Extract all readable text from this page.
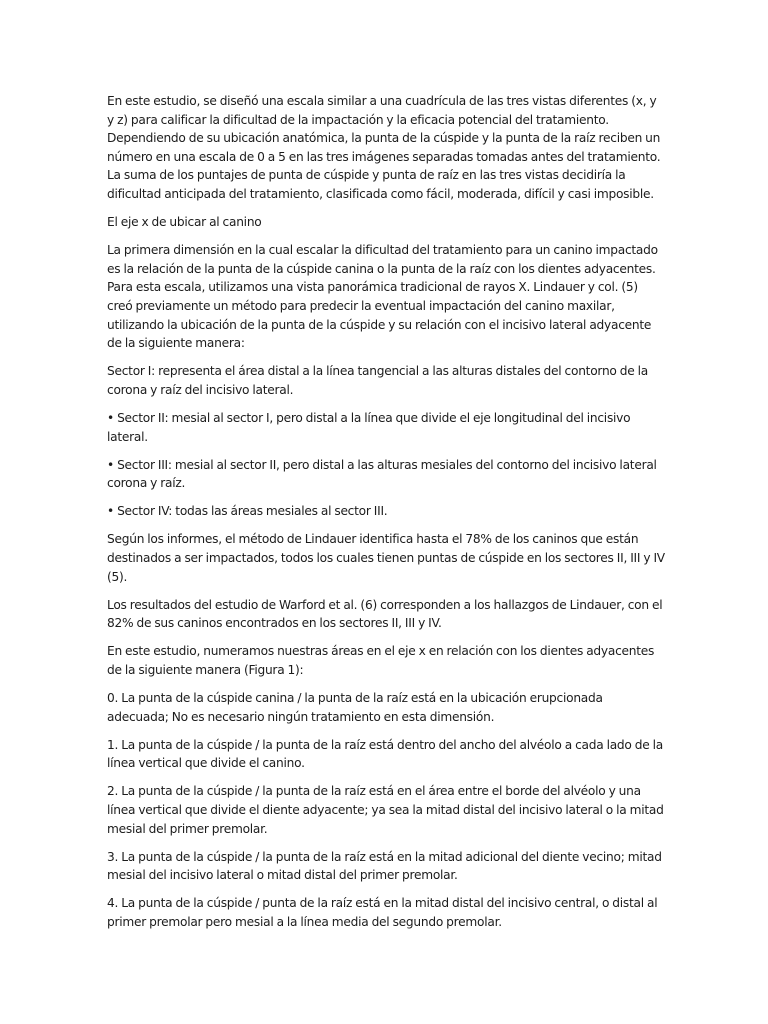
En este estudio, se diseñó una escala similar a una cuadrícula de las tres vistas diferentes (x, y y z) para calificar la dificultad de la impactación y la eficacia potencial del tratamiento. Dependiendo de su ubicación anatómica, la punta de la cúspide y la punta de la raíz reciben un número en una escala de 0 a 5 en las tres imágenes separadas tomadas antes del tratamiento. La suma de los puntajes de punta de cúspide y punta de raíz en las tres vistas decidiría la dificultad anticipada del tratamiento, clasificada como fácil, moderada, difícil y casi imposible.

El eje x de ubicar al canino

La primera dimensión en la cual escalar la dificultad del tratamiento para un canino impactado es la relación de la punta de la cúspide canina o la punta de la raíz con los dientes adyacentes. Para esta escala, utilizamos una vista panorámica tradicional de rayos X. Lindauer y col. (5) creó previamente un método para predecir la eventual impactación del canino maxilar, utilizando la ubicación de la punta de la cúspide y su relación con el incisivo lateral adyacente de la siguiente manera:

Sector I: representa el área distal a la línea tangencial a las alturas distales del contorno de la corona y raíz del incisivo lateral.

• Sector II: mesial al sector I, pero distal a la línea que divide el eje longitudinal del incisivo lateral.

• Sector III: mesial al sector II, pero distal a las alturas mesiales del contorno del incisivo lateral corona y raíz.

• Sector IV: todas las áreas mesiales al sector III.

Según los informes, el método de Lindauer identifica hasta el 78% de los caninos que están destinados a ser impactados, todos los cuales tienen puntas de cúspide en los sectores II, III y IV (5).

Los resultados del estudio de Warford et al. (6) corresponden a los hallazgos de Lindauer, con el 82% de sus caninos encontrados en los sectores II, III y IV.

En este estudio, numeramos nuestras áreas en el eje x en relación con los dientes adyacentes de la siguiente manera (Figura 1):

0. La punta de la cúspide canina / la punta de la raíz está en la ubicación erupcionada adecuada; No es necesario ningún tratamiento en esta dimensión.

1. La punta de la cúspide / la punta de la raíz está dentro del ancho del alvéolo a cada lado de la línea vertical que divide el canino.

2. La punta de la cúspide / la punta de la raíz está en el área entre el borde del alvéolo y una línea vertical que divide el diente adyacente; ya sea la mitad distal del incisivo lateral o la mitad mesial del primer premolar.

3. La punta de la cúspide / la punta de la raíz está en la mitad adicional del diente vecino; mitad mesial del incisivo lateral o mitad distal del primer premolar.

4. La punta de la cúspide / punta de la raíz está en la mitad distal del incisivo central, o distal al primer premolar pero mesial a la línea media del segundo premolar.
